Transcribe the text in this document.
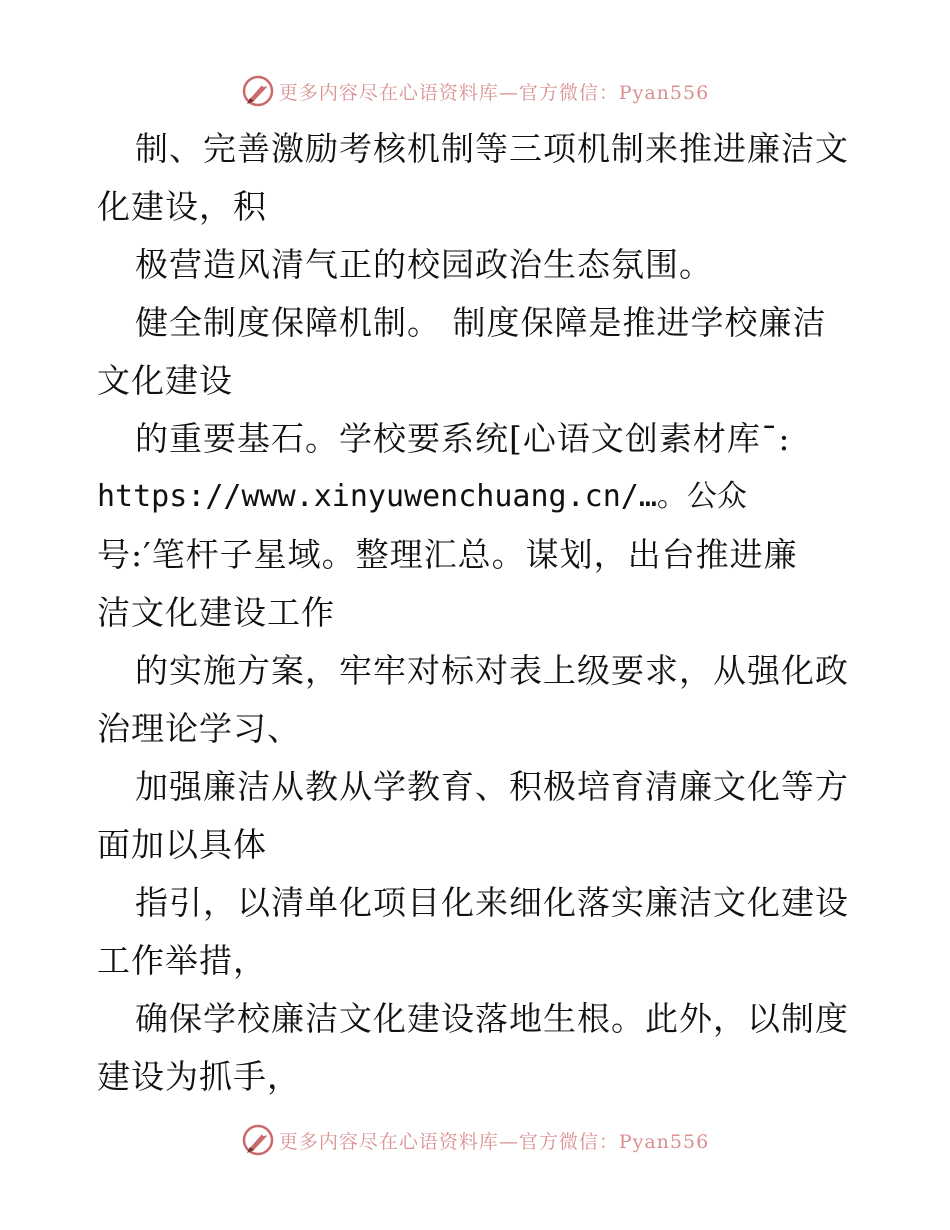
更多内容尽在心语资料库—官方微信：Pyan556
制、完善激励考核机制等三项机制来推进廉洁文
化建设，积
极营造风清气正的校园政治生态氛围。
健全制度保障机制。 制度保障是推进学校廉洁
文化建设
的重要基石。学校要系统[心语文创素材库¯:
https://www.xinyuwenchuang.cn/…。公众
号:′笔杆子星域。整理汇总。谋划，出台推进廉
洁文化建设工作
的实施方案，牢牢对标对表上级要求，从强化政
治理论学习、
加强廉洁从教从学教育、积极培育清廉文化等方
面加以具体
指引，以清单化项目化来细化落实廉洁文化建设
工作举措，
确保学校廉洁文化建设落地生根。此外，以制度
建设为抓手，
更多内容尽在心语资料库—官方微信：Pyan556
